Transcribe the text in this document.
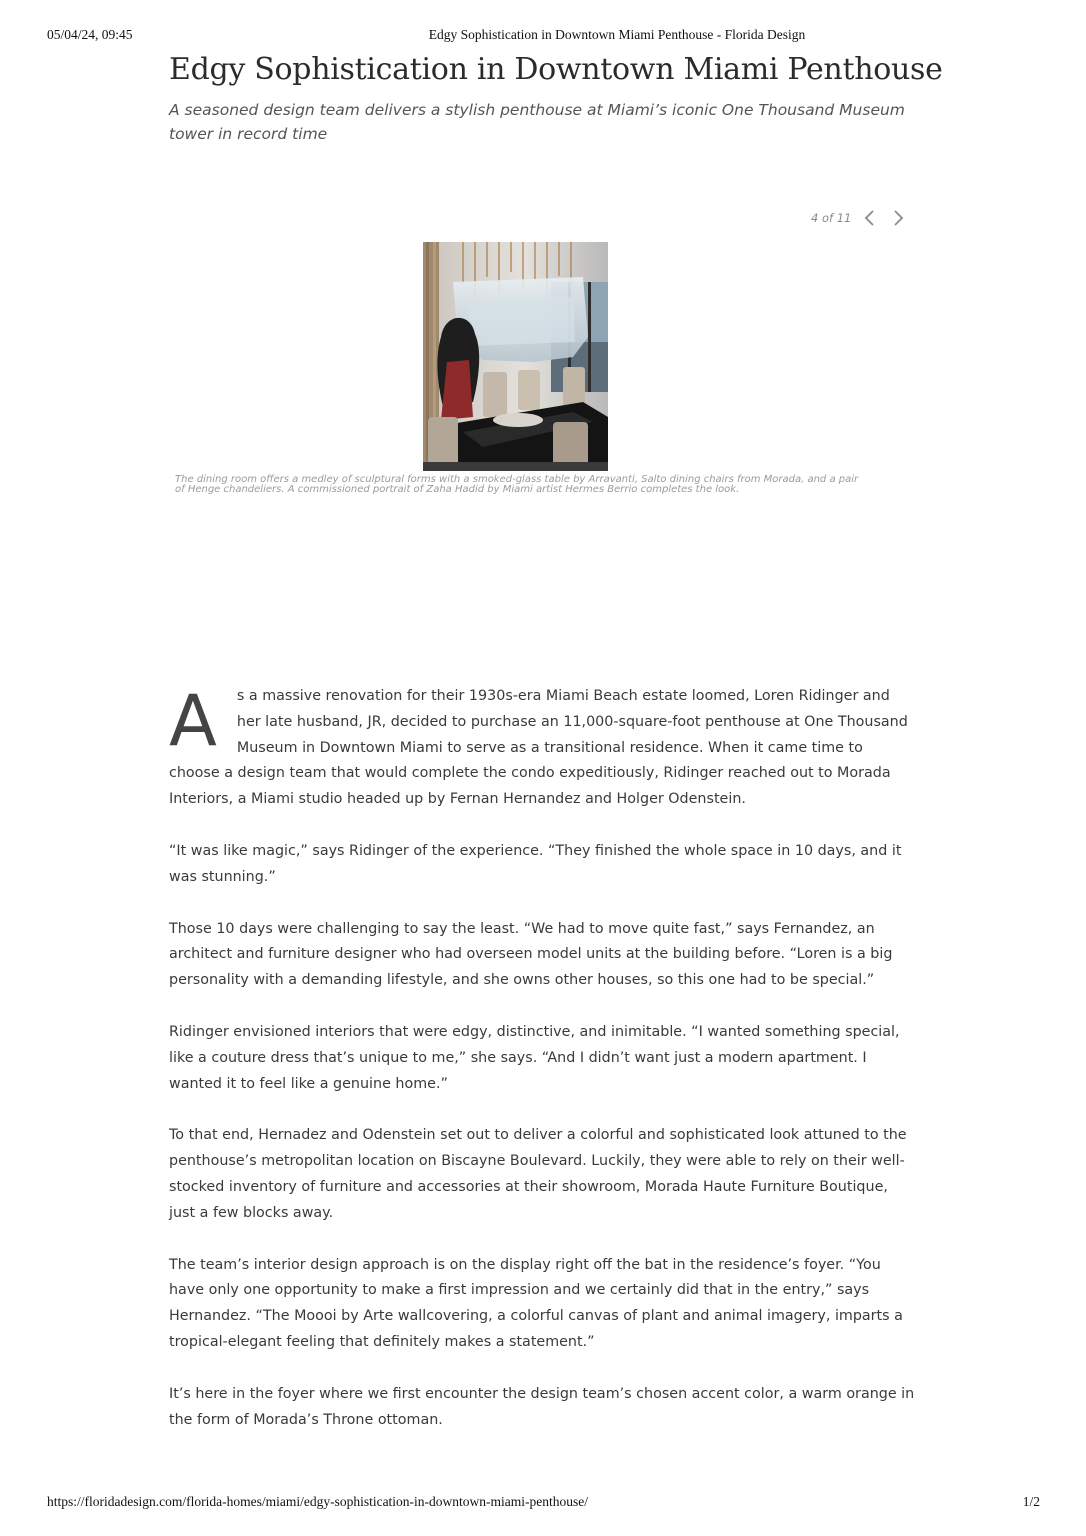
05/04/24, 09:45	Edgy Sophistication in Downtown Miami Penthouse - Florida Design
Edgy Sophistication in Downtown Miami Penthouse

A seasoned design team delivers a stylish penthouse at Miami’s iconic One Thousand Museum tower in record time

4 of 11

The dining room offers a medley of sculptural forms with a smoked-glass table by Arravanti, Salto dining chairs from Morada, and a pair of Henge chandeliers. A commissioned portrait of Zaha Hadid by Miami artist Hermes Berrio completes the look.

A s a massive renovation for their 1930s-era Miami Beach estate loomed, Loren Ridinger and her late husband, JR, decided to purchase an 11,000-square-foot penthouse at One Thousand Museum in Downtown Miami to serve as a transitional residence. When it came time to choose a design team that would complete the condo expeditiously, Ridinger reached out to Morada Interiors, a Miami studio headed up by Fernan Hernandez and Holger Odenstein.

“It was like magic,” says Ridinger of the experience. “They finished the whole space in 10 days, and it was stunning.”

Those 10 days were challenging to say the least. “We had to move quite fast,” says Fernandez, an architect and furniture designer who had overseen model units at the building before. “Loren is a big personality with a demanding lifestyle, and she owns other houses, so this one had to be special.”

Ridinger envisioned interiors that were edgy, distinctive, and inimitable. “I wanted something special, like a couture dress that’s unique to me,” she says. “And I didn’t want just a modern apartment. I wanted it to feel like a genuine home.”

To that end, Hernadez and Odenstein set out to deliver a colorful and sophisticated look attuned to the penthouse’s metropolitan location on Biscayne Boulevard. Luckily, they were able to rely on their well-stocked inventory of furniture and accessories at their showroom, Morada Haute Furniture Boutique, just a few blocks away.

The team’s interior design approach is on the display right off the bat in the residence’s foyer. “You have only one opportunity to make a first impression and we certainly did that in the entry,” says Hernandez. “The Moooi by Arte wallcovering, a colorful canvas of plant and animal imagery, imparts a tropical-elegant feeling that definitely makes a statement.”

It’s here in the foyer where we first encounter the design team’s chosen accent color, a warm orange in the form of Morada’s Throne ottoman.

https://floridadesign.com/florida-homes/miami/edgy-sophistication-in-downtown-miami-penthouse/	1/2
